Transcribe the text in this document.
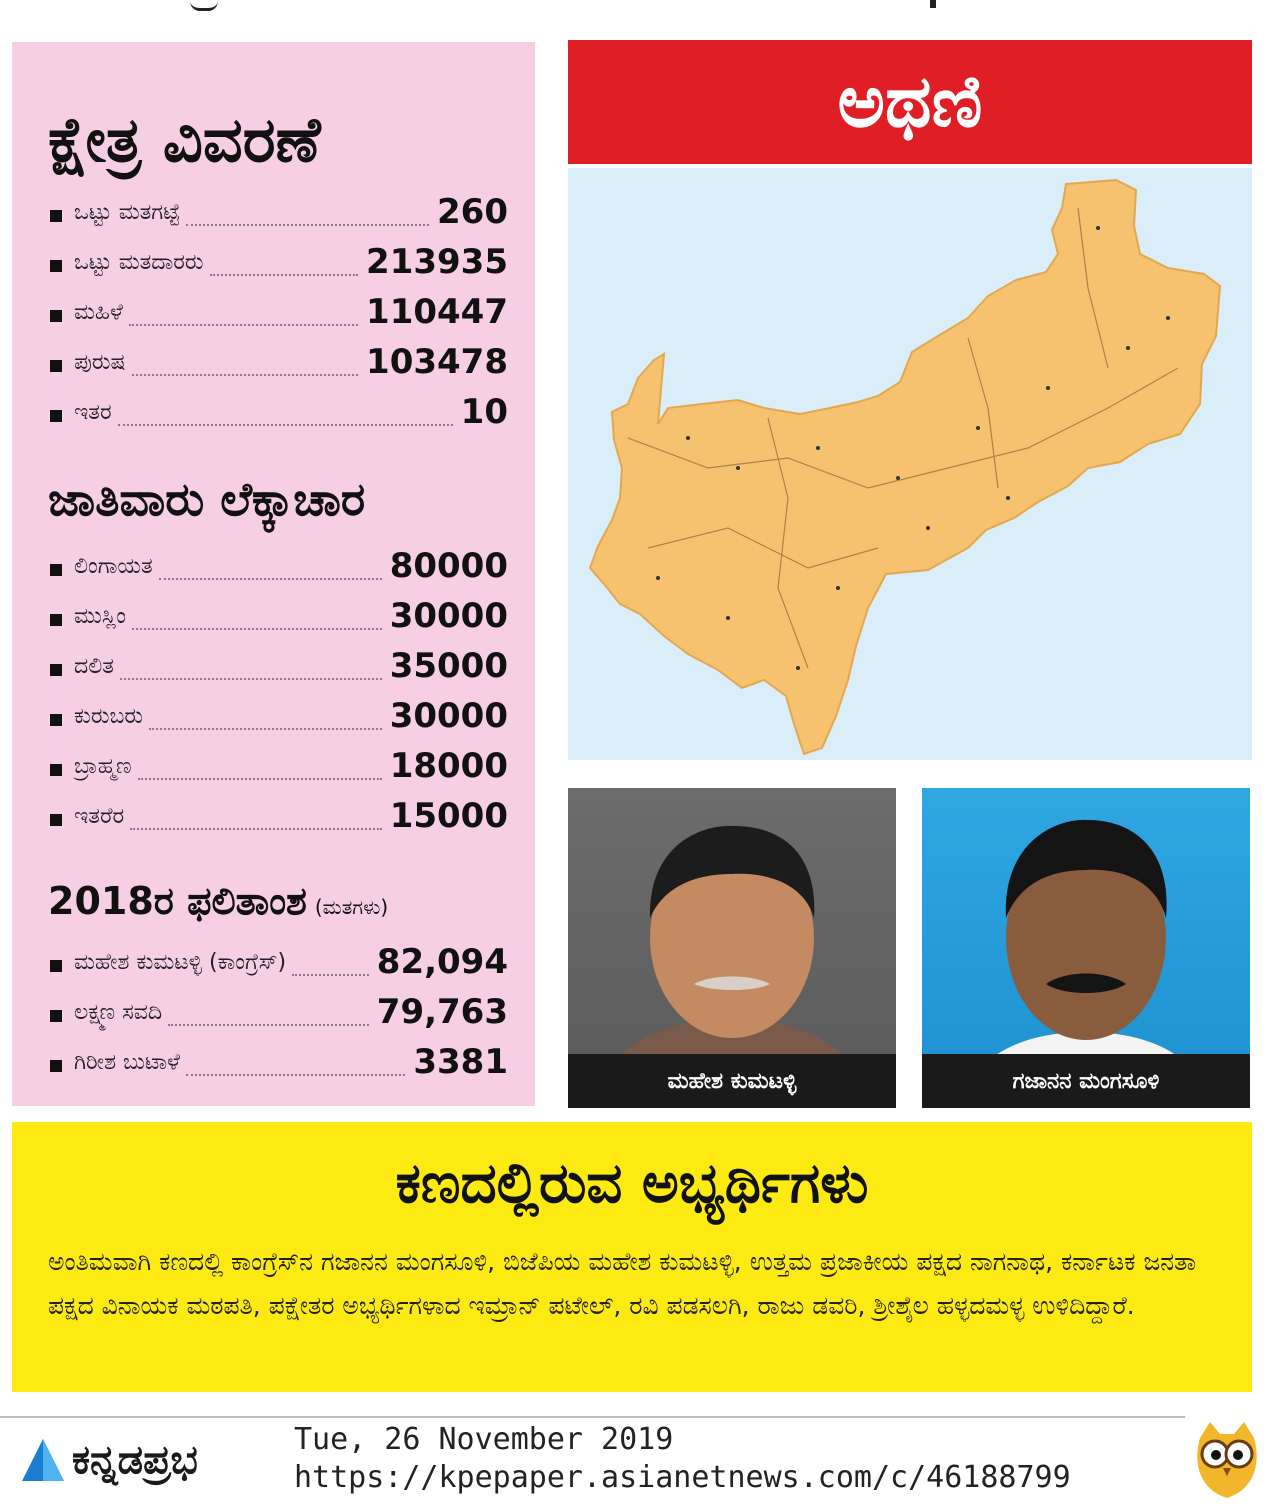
ಕ್ಷೇತ್ರ ವಿವರಣೆ
ಒಟ್ಟು ಮತಗಟ್ಟೆ	260
ಒಟ್ಟು ಮತದಾರರು	213935
ಮಹಿಳೆ	110447
ಪುರುಷ	103478
ಇತರ	10
ಜಾತಿವಾರು ಲೆಕ್ಕಾಚಾರ
ಲಿಂಗಾಯತ	80000
ಮುಸ್ಲಿಂ	30000
ದಲಿತ	35000
ಕುರುಬರು	30000
ಬ್ರಾಹ್ಮಣ	18000
ಇತರೆರ	15000
2018ರ ಫಲಿತಾಂಶ (ಮತಗಳು)
ಮಹೇಶ ಕುಮಟಳ್ಳಿ (ಕಾಂಗ್ರೆಸ್)	82,094
ಲಕ್ಷ್ಮಣ ಸವದಿ	79,763
ಗಿರೀಶ ಬುಟಾಳೆ	3381
ಅಥಣಿ
ಮಹೇಶ ಕುಮಟಳ್ಳಿ	ಗಜಾನನ ಮಂಗಸೂಳಿ
ಕಣದಲ್ಲಿರುವ ಅಭ್ಯರ್ಥಿಗಳು
ಅಂತಿಮವಾಗಿ ಕಣದಲ್ಲಿ ಕಾಂಗ್ರೆಸ್‌ನ ಗಜಾನನ ಮಂಗಸೂಳಿ, ಬಿಜೆಪಿಯ ಮಹೇಶ ಕುಮಟಳ್ಳಿ, ಉತ್ತಮ ಪ್ರಜಾಕೀಯ ಪಕ್ಷದ ನಾಗನಾಥ, ಕರ್ನಾಟಕ ಜನತಾ ಪಕ್ಷದ ವಿನಾಯಕ ಮಠಪತಿ, ಪಕ್ಷೇತರ ಅಭ್ಯರ್ಥಿಗಳಾದ ಇಮ್ರಾನ್ ಪಟೇಲ್, ರವಿ ಪಡಸಲಗಿ, ರಾಜು ಡವರಿ, ಶ್ರೀಶೈಲ ಹಳ್ಳದಮಳ್ಳ ಉಳಿದಿದ್ದಾರೆ.
ಕನ್ನಡಪ್ರಭ	Tue, 26 November 2019
https://kpepaper.asianetnews.com/c/46188799
